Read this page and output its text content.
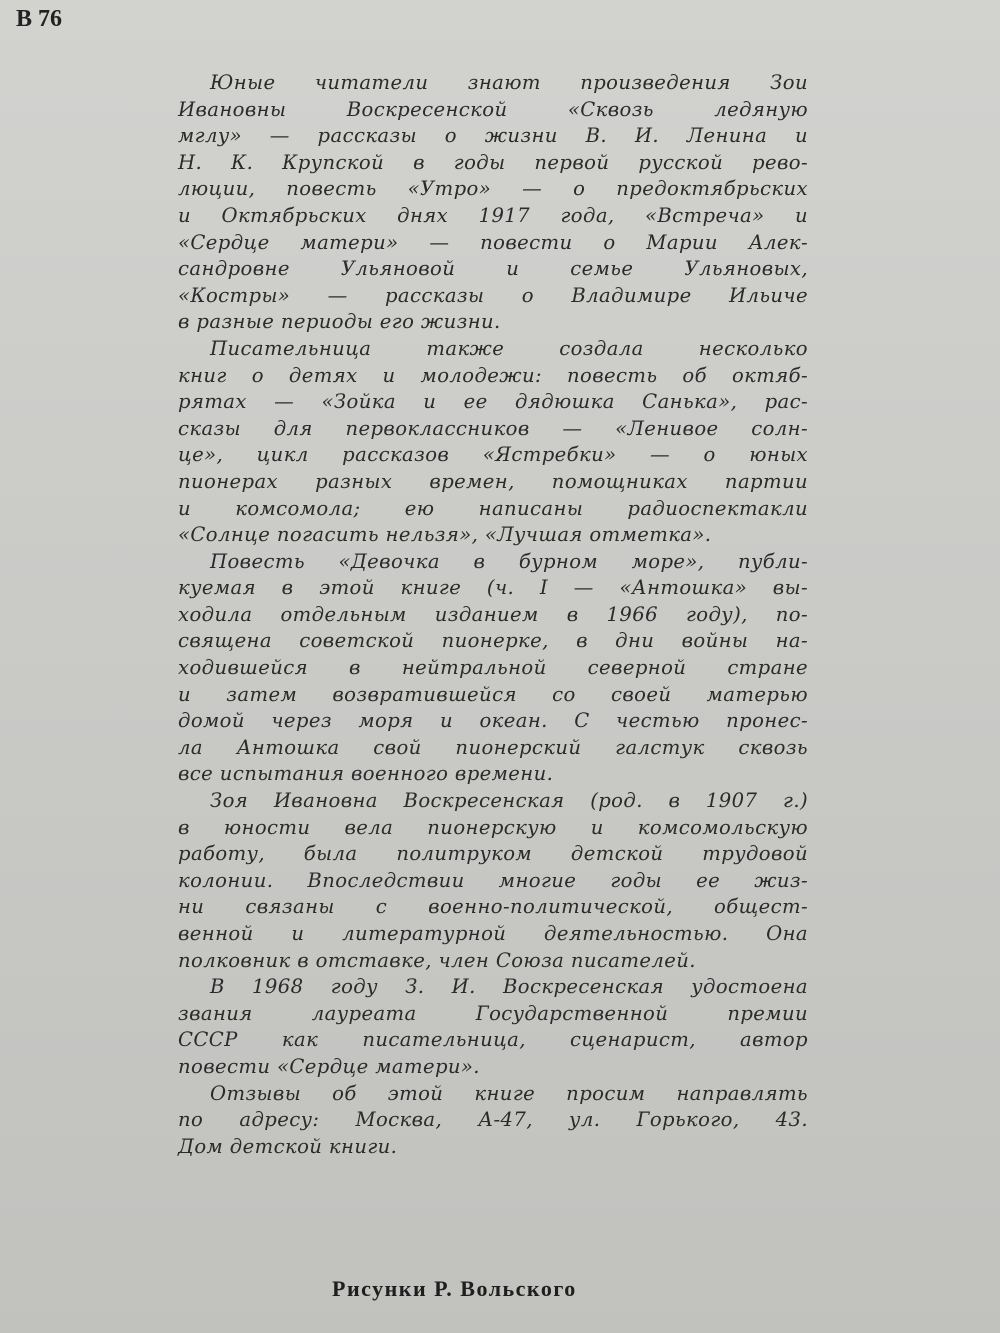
В 76
Юные читатели знают произведения Зои
Ивановны Воскресенской «Сквозь ледяную
мглу» — рассказы о жизни В. И. Ленина и
Н. К. Крупской в годы первой русской рево-
люции, повесть «Утро» — о предоктябрьских
и Октябрьских днях 1917 года, «Встреча» и
«Сердце матери» — повести о Марии Алек-
сандровне Ульяновой и семье Ульяновых,
«Костры» — рассказы о Владимире Ильиче
в разные периоды его жизни.
Писательница также создала несколько
книг о детях и молодежи: повесть об октяб-
рятах — «Зойка и ее дядюшка Санька», рас-
сказы для первоклассников — «Ленивое солн-
це», цикл рассказов «Ястребки» — о юных
пионерах разных времен, помощниках партии
и комсомола; ею написаны радиоспектакли
«Солнце погасить нельзя», «Лучшая отметка».
Повесть «Девочка в бурном море», публи-
куемая в этой книге (ч. I — «Антошка» вы-
ходила отдельным изданием в 1966 году), по-
священа советской пионерке, в дни войны на-
ходившейся в нейтральной северной стране
и затем возвратившейся со своей матерью
домой через моря и океан. С честью пронес-
ла Антошка свой пионерский галстук сквозь
все испытания военного времени.
Зоя Ивановна Воскресенская (род. в 1907 г.)
в юности вела пионерскую и комсомольскую
работу, была политруком детской трудовой
колонии. Впоследствии многие годы ее жиз-
ни связаны с военно-политической, общест-
венной и литературной деятельностью. Она
полковник в отставке, член Союза писателей.
В 1968 году З. И. Воскресенская удостоена
звания лауреата Государственной премии
СССР как писательница, сценарист, автор
повести «Сердце матери».
Отзывы об этой книге просим направлять
по адресу: Москва, А-47, ул. Горького, 43.
Дом детской книги.
Рисунки Р. Вольского
